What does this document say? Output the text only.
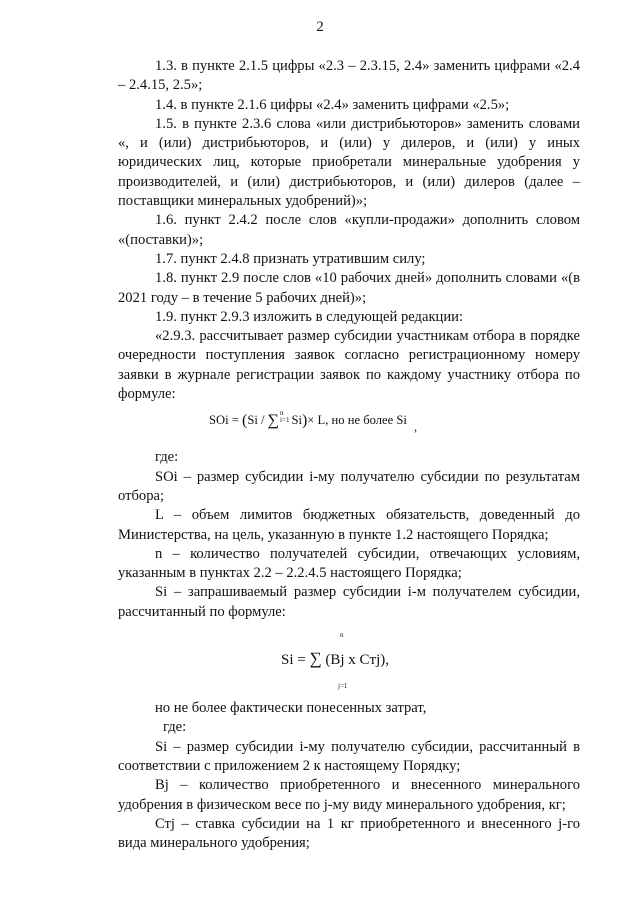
2

1.3. в пункте 2.1.5 цифры «2.3 – 2.3.15, 2.4» заменить цифрами «2.4 – 2.4.15, 2.5»;

1.4. в пункте 2.1.6 цифры «2.4» заменить цифрами «2.5»;

1.5. в пункте 2.3.6 слова «или дистрибьюторов» заменить словами «, и (или) дистрибьюторов, и (или) у дилеров, и (или) у иных юридических лиц, которые приобретали минеральные удобрения у производителей, и (или) дистрибьюторов, и (или) дилеров (далее – поставщики минеральных удобрений)»;

1.6. пункт 2.4.2 после слов «купли-продажи» дополнить словом «(поставки)»;

1.7. пункт 2.4.8 признать утратившим силу;

1.8. пункт 2.9 после слов «10 рабочих дней» дополнить словами «(в 2021 году – в течение 5 рабочих дней)»;

1.9. пункт 2.9.3 изложить в следующей редакции:

«2.9.3. рассчитывает размер субсидии участникам отбора в порядке очередности поступления заявок согласно регистрационному номеру заявки в журнале регистрации заявок по каждому участнику отбора по формуле:

SOi = (Si / ∑n
i=1 Si)× L, но не более Si ,

где:

SOi – размер субсидии i-му получателю субсидии по результатам отбора;

L – объем лимитов бюджетных обязательств, доведенный до Министерства, на цель, указанную в пункте 1.2 настоящего Порядка;

n – количество получателей субсидии, отвечающих условиям, указанным в пунктах 2.2 – 2.2.4.5 настоящего Порядка;

Si – запрашиваемый размер субсидии i-м получателем субсидии, рассчитанный по формуле:

n
Si = ∑ (Bj x Cтj),
j=1

но не более фактически понесенных затрат,

где:

Si – размер субсидии i-му получателю субсидии, рассчитанный в соответствии с приложением 2 к настоящему Порядку;

Bj – количество приобретенного и внесенного минерального удобрения в физическом весе по j-му виду минерального удобрения, кг;

Стj – ставка субсидии на 1 кг приобретенного и внесенного j-го вида минерального удобрения;
